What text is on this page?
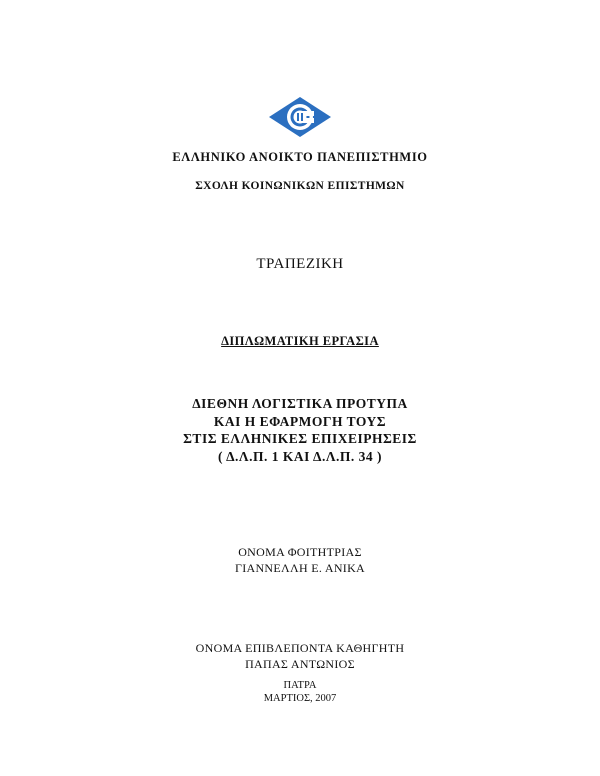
ΕΛΛΗΝΙΚΟ ΑΝΟΙΚΤΟ ΠΑΝΕΠΙΣΤΗΜΙΟ
ΣΧΟΛΗ ΚΟΙΝΩΝΙΚΩΝ ΕΠΙΣΤΗΜΩΝ
ΤΡΑΠΕΖΙΚΗ
ΔΙΠΛΩΜΑΤΙΚΗ ΕΡΓΑΣΙΑ
ΔΙΕΘΝΗ ΛΟΓΙΣΤΙΚΑ ΠΡΟΤΥΠΑ
ΚΑΙ Η ΕΦΑΡΜΟΓΗ ΤΟΥΣ
ΣΤΙΣ ΕΛΛΗΝΙΚΕΣ ΕΠΙΧΕΙΡΗΣΕΙΣ
( Δ.Λ.Π. 1 ΚΑΙ Δ.Λ.Π. 34 )
ΟΝΟΜΑ ΦΟΙΤΗΤΡΙΑΣ
ΓΙΑΝΝΕΛΛΗ Ε. ΑΝΙΚΑ
ΟΝΟΜΑ ΕΠΙΒΛΕΠΟΝΤΑ ΚΑΘΗΓΗΤΗ
ΠΑΠΑΣ ΑΝΤΩΝΙΟΣ
ΠΑΤΡΑ
ΜΑΡΤΙΟΣ, 2007
